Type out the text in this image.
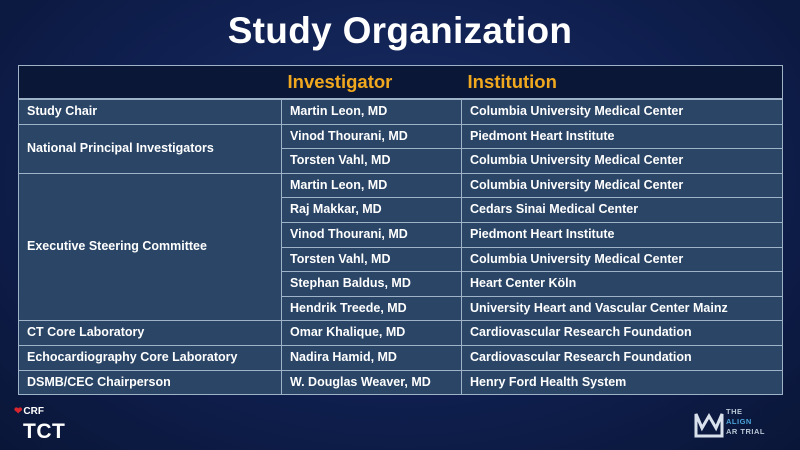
Study Organization
	Investigator	Institution
Study Chair	Martin Leon, MD	Columbia University Medical Center
National Principal Investigators	Vinod Thourani, MD	Piedmont Heart Institute
	Torsten Vahl, MD	Columbia University Medical Center
Executive Steering Committee	Martin Leon, MD	Columbia University Medical Center
	Raj Makkar, MD	Cedars Sinai Medical Center
	Vinod Thourani, MD	Piedmont Heart Institute
	Torsten Vahl, MD	Columbia University Medical Center
	Stephan Baldus, MD	Heart Center Köln
	Hendrik Treede, MD	University Heart and Vascular Center Mainz
CT Core Laboratory	Omar Khalique, MD	Cardiovascular Research Foundation
Echocardiography Core Laboratory	Nadira Hamid, MD	Cardiovascular Research Foundation
DSMB/CEC Chairperson	W. Douglas Weaver, MD	Henry Ford Health System
❤CRF
TCT
THE
ALIGN
AR TRIAL
